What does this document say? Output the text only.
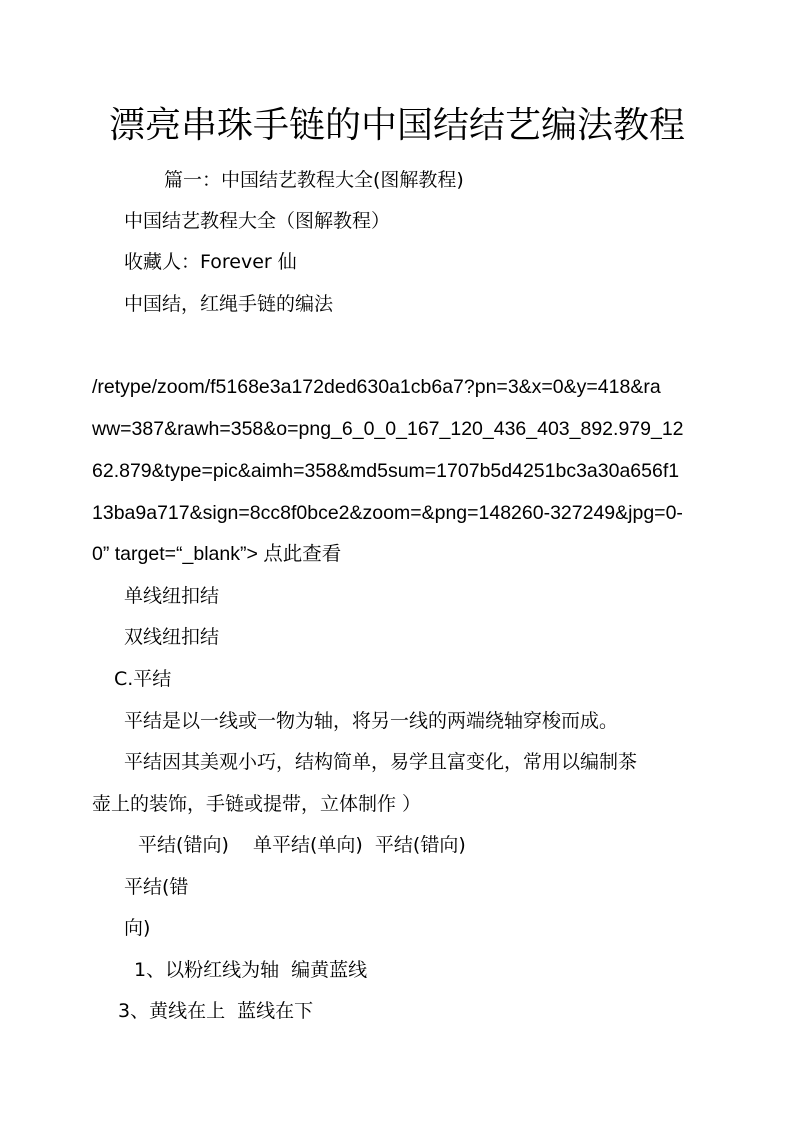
漂亮串珠手链的中国结结艺编法教程
篇一：中国结艺教程大全(图解教程)
中国结艺教程大全（图解教程）
收藏人：Forever 仙
中国结，红绳手链的编法
/retype/zoom/f5168e3a172ded630a1cb6a7?pn=3&x=0&y=418&ra
ww=387&rawh=358&o=png_6_0_0_167_120_436_403_892.979_12
62.879&type=pic&aimh=358&md5sum=1707b5d4251bc3a30a656f1
13ba9a717&sign=8cc8f0bce2&zoom=&png=148260-327249&jpg=0-
0” target=“_blank”> 点此查看
单线纽扣结
双线纽扣结
C.平结
平结是以一线或一物为轴，将另一线的两端绕轴穿梭而成。
平结因其美观小巧，结构简单，易学且富变化，常用以编制茶
壶上的装饰，手链或提带，立体制作 ）
平结(错向)    单平结(单向)  平结(错向)
平结(错
向)
1、以粉红线为轴  编黄蓝线
3、黄线在上  蓝线在下
